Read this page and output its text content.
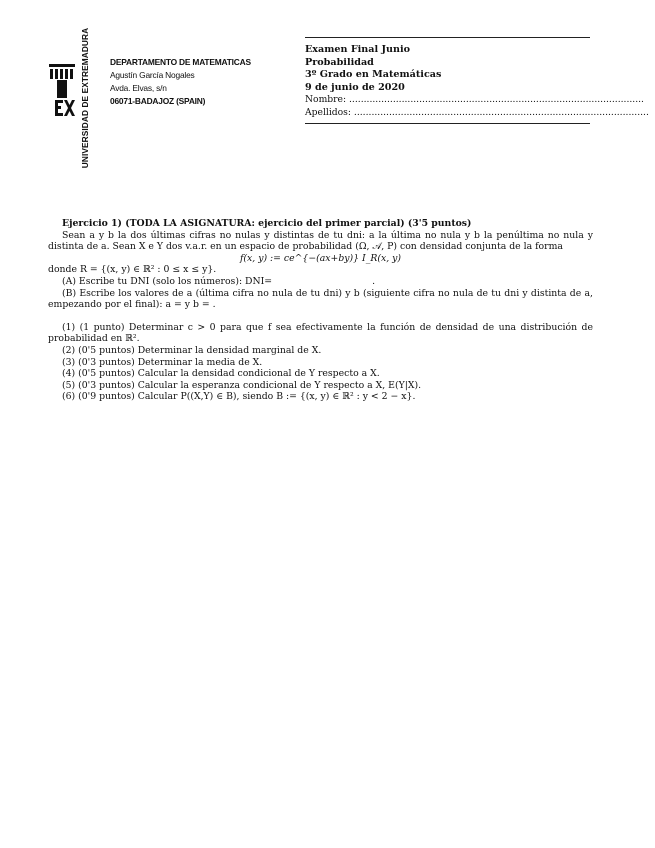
UNIVERSIDAD DE EXTREMADURA DEPARTAMENTO DE MATEMATICAS
Agustín García Nogales
Avda. Elvas, s/n
06071-BADAJOZ (SPAIN)
Examen Final Junio
Probabilidad
3º Grado en Matemáticas
9 de junio de 2020
Nombre: .....................................................................................................
Apellidos: .....................................................................................................

Ejercicio 1) (TODA LA ASIGNATURA: ejercicio del primer parcial) (3'5 puntos)

Sean a y b la dos últimas cifras no nulas y distintas de tu dni: a la última no nula y b la penúltima no nula y distinta de a. Sean X e Y dos v.a.r. en un espacio de probabilidad (Ω, 𝒜, P) con densidad conjunta de la forma

f(x, y) := ce^{−(ax+by)} I_R(x, y)

donde R = {(x, y) ∈ ℝ² : 0 ≤ x ≤ y}.

(A) Escribe tu DNI (solo los números): DNI=	.

(B) Escribe los valores de a (última cifra no nula de tu dni) y b (siguiente cifra no nula de tu dni y distinta de a, empezando por el final): a = y b = .

(1) (1 punto) Determinar c > 0 para que f sea efectivamente la función de densidad de una distribución de probabilidad en ℝ².

(2) (0'5 puntos) Determinar la densidad marginal de X.

(3) (0'3 puntos) Determinar la media de X.

(4) (0'5 puntos) Calcular la densidad condicional de Y respecto a X.

(5) (0'3 puntos) Calcular la esperanza condicional de Y respecto a X, E(Y|X).

(6) (0'9 puntos) Calcular P((X,Y) ∈ B), siendo B := {(x, y) ∈ ℝ² : y < 2 − x}.
